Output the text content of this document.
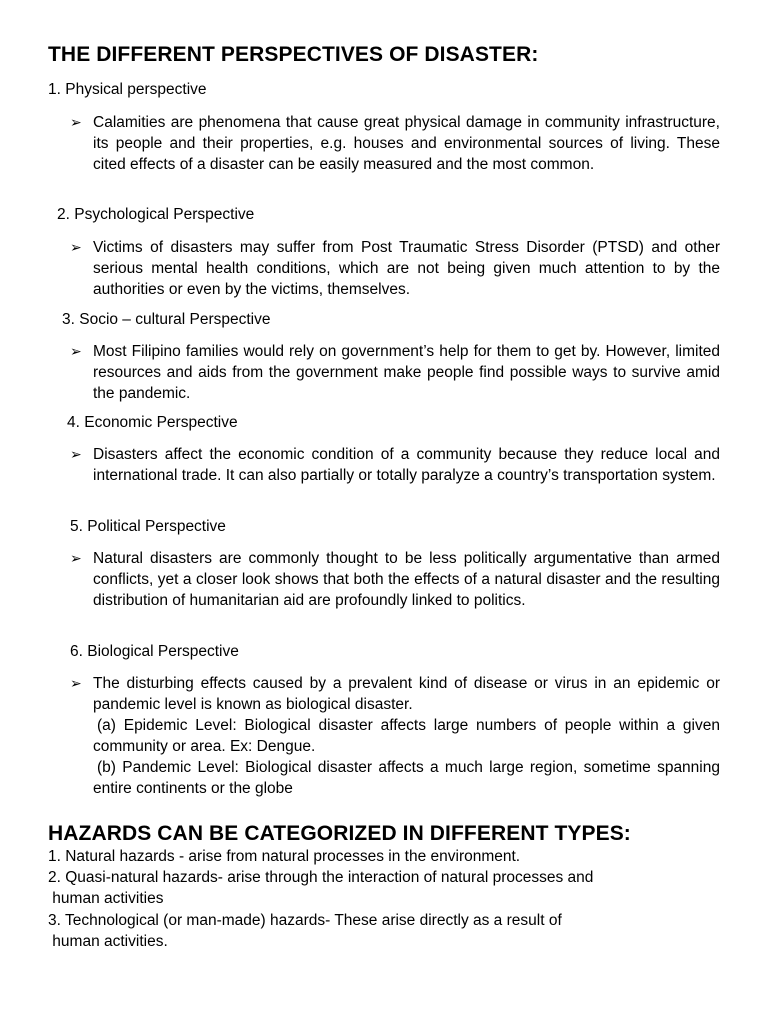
THE DIFFERENT PERSPECTIVES OF DISASTER:
1. Physical perspective
➢ Calamities are phenomena that cause great physical damage in community infrastructure, its people and their properties, e.g. houses and environmental sources of living. These cited effects of a disaster can be easily measured and the most common.
2. Psychological Perspective
➢ Victims of disasters may suffer from Post Traumatic Stress Disorder (PTSD) and other serious mental health conditions, which are not being given much attention to by the authorities or even by the victims, themselves.
3. Socio – cultural Perspective
➢ Most Filipino families would rely on government’s help for them to get by. However, limited resources and aids from the government make people find possible ways to survive amid the pandemic.
4. Economic Perspective
➢ Disasters affect the economic condition of a community because they reduce local and international trade. It can also partially or totally paralyze a country’s transportation system.
5. Political Perspective
➢ Natural disasters are commonly thought to be less politically argumentative than armed conflicts, yet a closer look shows that both the effects of a natural disaster and the resulting distribution of humanitarian aid are profoundly linked to politics.
6. Biological Perspective
➢ The disturbing effects caused by a prevalent kind of disease or virus in an epidemic or pandemic level is known as biological disaster.
(a) Epidemic Level: Biological disaster affects large numbers of people within a given community or area. Ex: Dengue.
(b) Pandemic Level: Biological disaster affects a much large region, sometime spanning entire continents or the globe
HAZARDS CAN BE CATEGORIZED IN DIFFERENT TYPES:
1. Natural hazards - arise from natural processes in the environment.
2. Quasi-natural hazards- arise through the interaction of natural processes and
human activities
3. Technological (or man-made) hazards- These arise directly as a result of
human activities.
